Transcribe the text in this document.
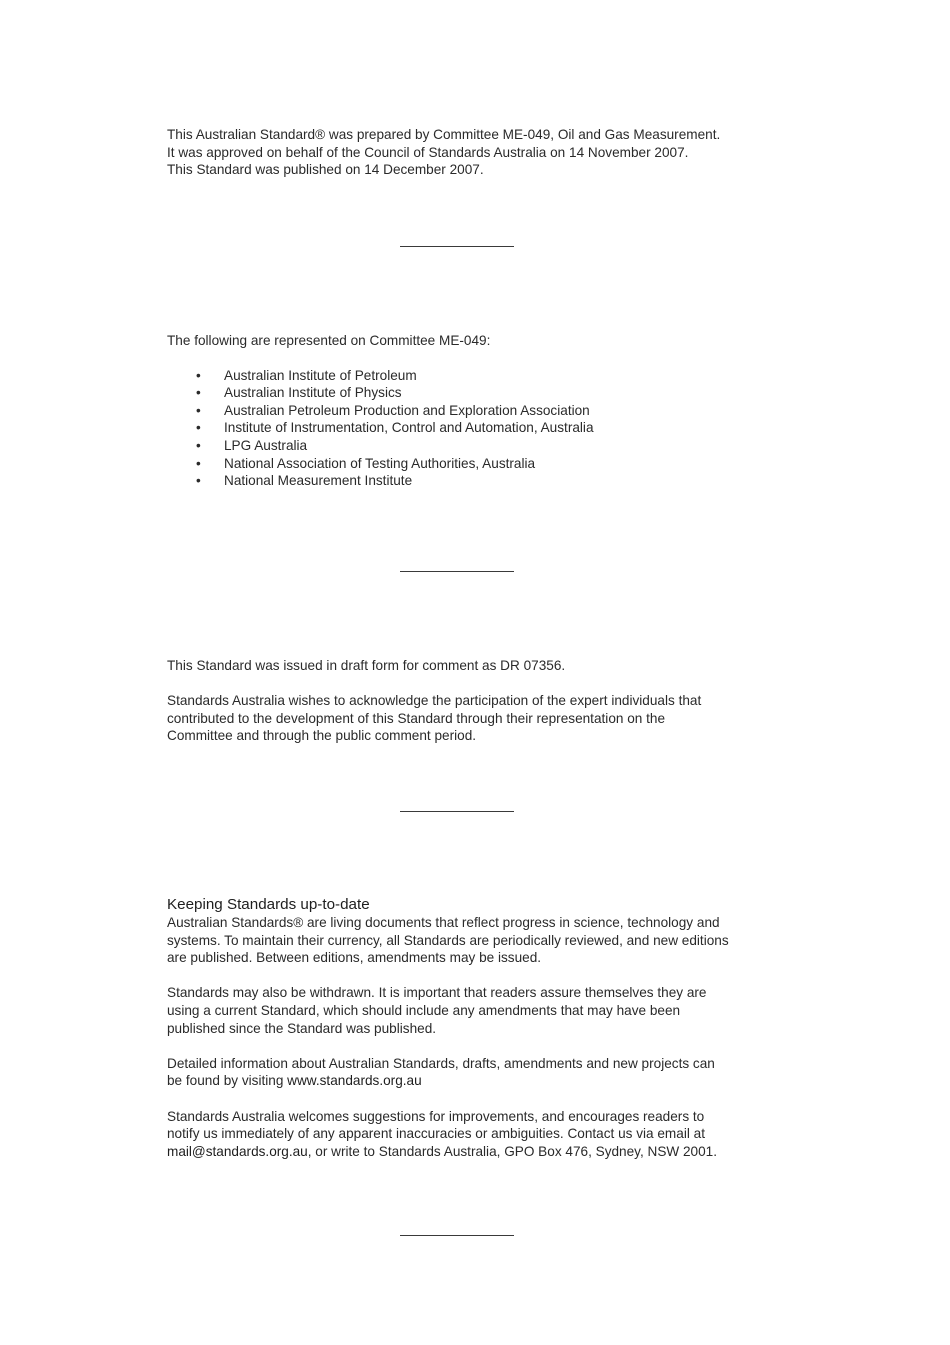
This Australian Standard® was prepared by Committee ME-049, Oil and Gas Measurement.

It was approved on behalf of the Council of Standards Australia on 14 November 2007.

This Standard was published on 14 December 2007.

The following are represented on Committee ME-049:

• Australian Institute of Petroleum
• Australian Institute of Physics
• Australian Petroleum Production and Exploration Association
• Institute of Instrumentation, Control and Automation, Australia
• LPG Australia
• National Association of Testing Authorities, Australia
• National Measurement Institute

This Standard was issued in draft form for comment as DR 07356.

Standards Australia wishes to acknowledge the participation of the expert individuals that

contributed to the development of this Standard through their representation on the

Committee and through the public comment period.

Keeping Standards up-to-date

Australian Standards® are living documents that reflect progress in science, technology and

systems. To maintain their currency, all Standards are periodically reviewed, and new editions

are published. Between editions, amendments may be issued.

Standards may also be withdrawn. It is important that readers assure themselves they are

using a current Standard, which should include any amendments that may have been

published since the Standard was published.

Detailed information about Australian Standards, drafts, amendments and new projects can

be found by visiting www.standards.org.au

Standards Australia welcomes suggestions for improvements, and encourages readers to

notify us immediately of any apparent inaccuracies or ambiguities. Contact us via email at

mail@standards.org.au, or write to Standards Australia, GPO Box 476, Sydney, NSW 2001.
